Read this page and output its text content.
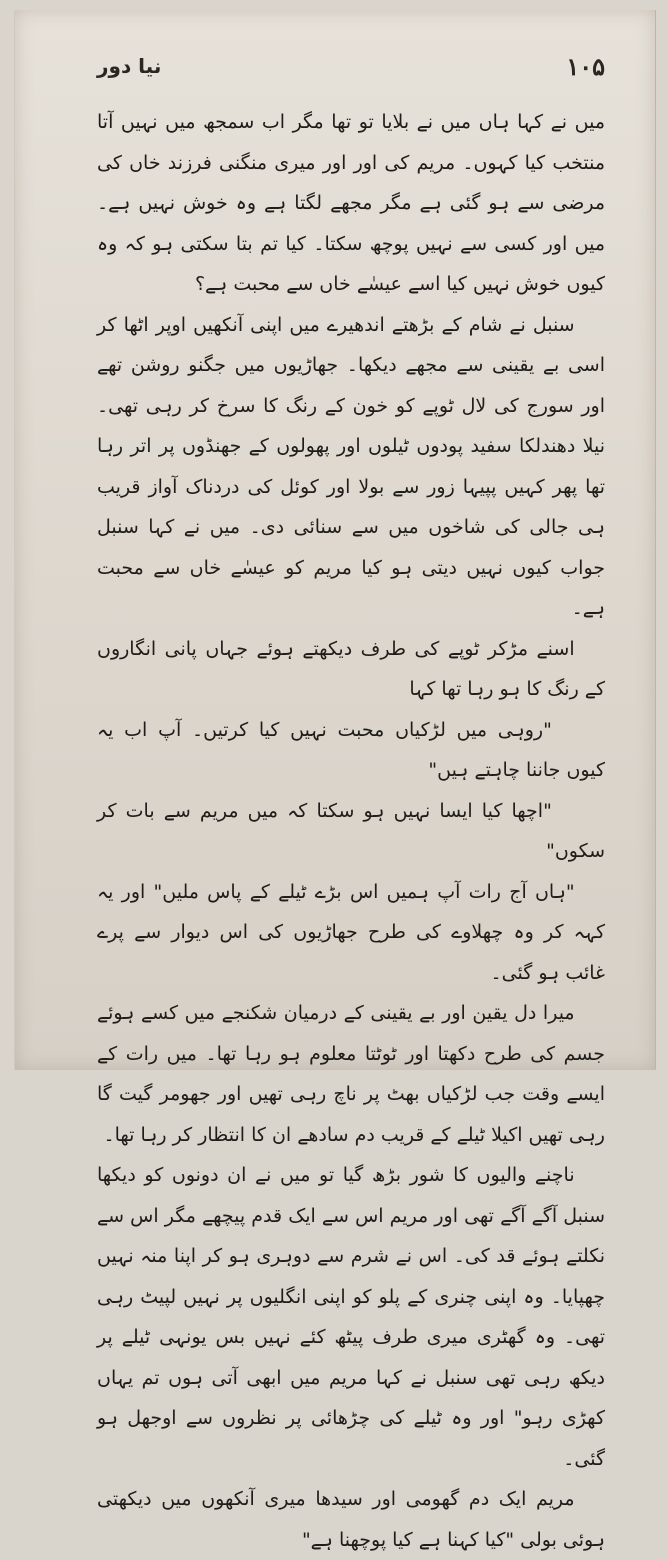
۱۰۵
نیا دور

میں نے کہا ہاں میں نے بلایا تو تھا مگر اب سمجھ میں نہیں آتا منتخب کیا کہوں۔ مریم کی اور اور میری منگنی فرزند خاں کی مرضی سے ہو گئی ہے مگر مجھے لگتا ہے وہ خوش نہیں ہے۔ میں اور کسی سے نہیں پوچھ سکتا۔ کیا تم بتا سکتی ہو کہ وہ کیوں خوش نہیں کیا اسے عیسٰے خاں سے محبت ہے؟

سنبل نے شام کے بڑھتے اندھیرے میں اپنی آنکھیں اوپر اٹھا کر اسی بے یقینی سے مجھے دیکھا۔ جھاڑیوں میں جگنو روشن تھے اور سورج کی لال ٹوپے کو خون کے رنگ کا سرخ کر رہی تھی۔ نیلا دھندلکا سفید پودوں ٹیلوں اور پھولوں کے جھنڈوں پر اتر رہا تھا پھر کہیں پپیہا زور سے بولا اور کوئل کی دردناک آواز قریب ہی جالی کی شاخوں میں سے سنائی دی۔ میں نے کہا سنبل جواب کیوں نہیں دیتی ہو کیا مریم کو عیسٰے خاں سے محبت ہے۔

اسنے مڑکر ٹوپے کی طرف دیکھتے ہوئے جہاں پانی انگاروں کے رنگ کا ہو رہا تھا کہا

"روہی میں لڑکیاں محبت نہیں کیا کرتیں۔ آپ اب یہ کیوں جاننا چاہتے ہیں"

"اچھا کیا ایسا نہیں ہو سکتا کہ میں مریم سے بات کر سکوں"

"ہاں آج رات آپ ہمیں اس بڑے ٹیلے کے پاس ملیں" اور یہ کہہ کر وہ چھلاوے کی طرح جھاڑیوں کی اس دیوار سے پرے غائب ہو گئی۔

میرا دل یقین اور بے یقینی کے درمیان شکنجے میں کسے ہوئے جسم کی طرح دکھتا اور ٹوٹتا معلوم ہو رہا تھا۔ میں رات کے ایسے وقت جب لڑکیاں بھٹ پر ناچ رہی تھیں اور جھومر گیت گا رہی تھیں اکیلا ٹیلے کے قریب دم سادھے ان کا انتظار کر رہا تھا۔

ناچنے والیوں کا شور بڑھ گیا تو میں نے ان دونوں کو دیکھا سنبل آگے آگے تھی اور مریم اس سے ایک قدم پیچھے مگر اس سے نکلتے ہوئے قد کی۔ اس نے شرم سے دوہری ہو کر اپنا منہ نہیں چھپایا۔ وہ اپنی چنری کے پلو کو اپنی انگلیوں پر نہیں لپیٹ رہی تھی۔ وہ گھٹری میری طرف پیٹھ کئے نہیں بس یونہی ٹیلے پر دیکھ رہی تھی سنبل نے کہا مریم میں ابھی آتی ہوں تم یہاں کھڑی رہو" اور وہ ٹیلے کی چڑھائی پر نظروں سے اوجھل ہو گئی۔

مریم ایک دم گھومی اور سیدھا میری آنکھوں میں دیکھتی ہوئی بولی "کیا کہنا ہے کیا پوچھنا ہے"
